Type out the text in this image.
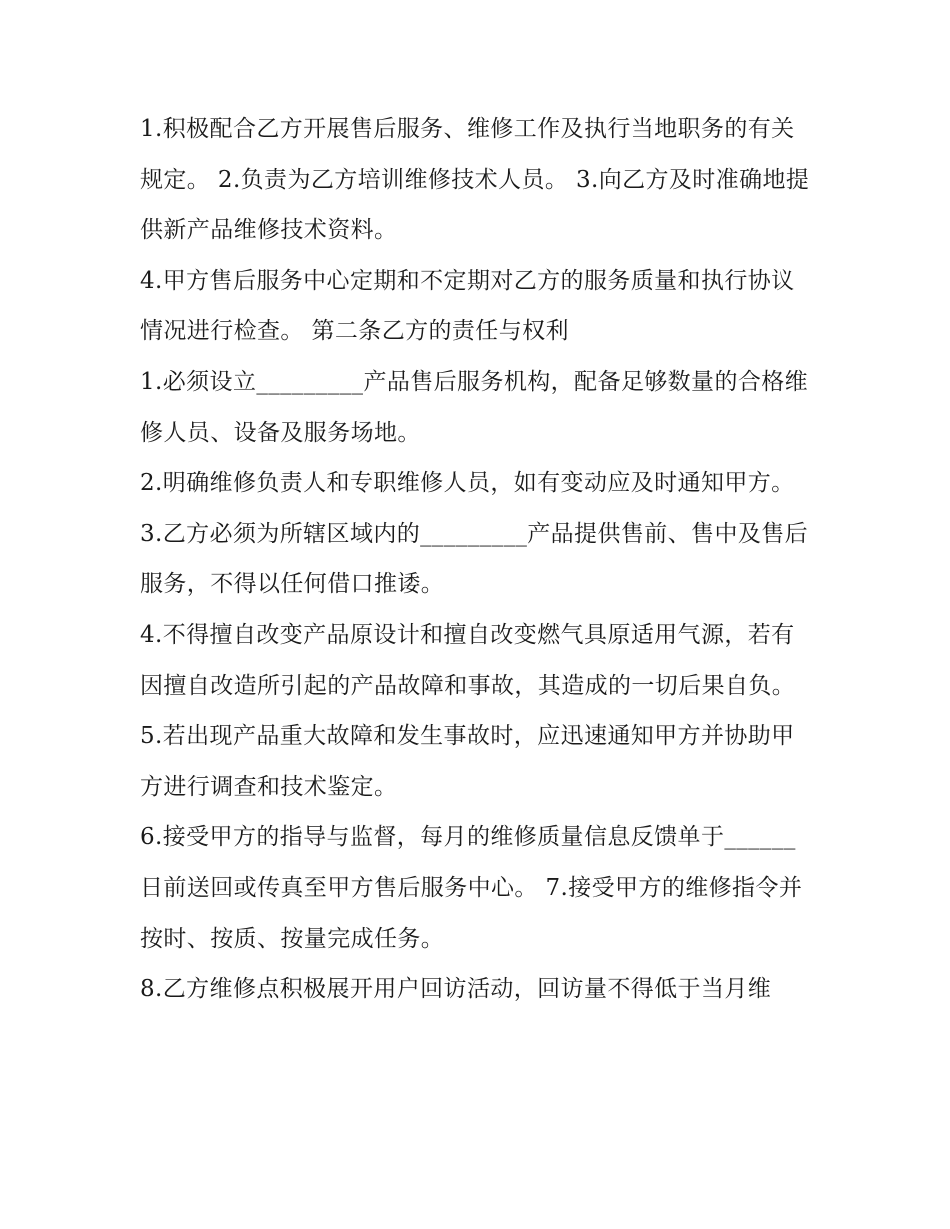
1.积极配合乙方开展售后服务、维修工作及执行当地职务的有关规定。 2.负责为乙方培训维修技术人员。 3.向乙方及时准确地提供新产品维修技术资料。

4.甲方售后服务中心定期和不定期对乙方的服务质量和执行协议情况进行检查。 第二条乙方的责任与权利

1.必须设立_________产品售后服务机构，配备足够数量的合格维修人员、设备及服务场地。

2.明确维修负责人和专职维修人员，如有变动应及时通知甲方。

3.乙方必须为所辖区域内的_________产品提供售前、售中及售后服务，不得以任何借口推诿。

4.不得擅自改变产品原设计和擅自改变燃气具原适用气源，若有因擅自改造所引起的产品故障和事故，其造成的一切后果自负。

5.若出现产品重大故障和发生事故时，应迅速通知甲方并协助甲方进行调查和技术鉴定。

6.接受甲方的指导与监督，每月的维修质量信息反馈单于______日前送回或传真至甲方售后服务中心。 7.接受甲方的维修指令并按时、按质、按量完成任务。

8.乙方维修点积极展开用户回访活动，回访量不得低于当月维
